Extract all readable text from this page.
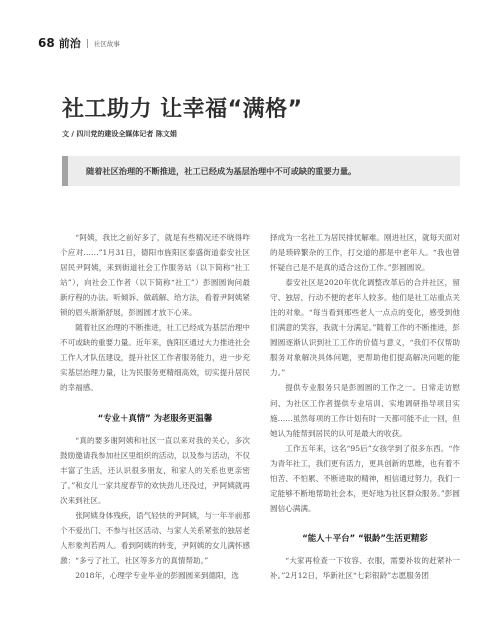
68 前治 社区故事
社工助力 让幸福“满格”
文 / 四川党的建设全媒体记者 陈文娟
随着社区治理的不断推进，社工已经成为基层治理中不可或缺的重要力量。

“阿姨，我比之前好多了，就是有些精况还不晓得咋个应对……”1月31日，德阳市旌阳区泰盛街道泰安社区居民尹阿姨，来到街道社会工作服务站（以下简称“社工站”），向社会工作者（以下简称“社工”）彭圆圆询问最新疗程的办法。听倾诉、做疏解、给方法，看着尹阿姨紧锁的眉头渐渐舒展，彭圆圆才放下心来。

随着社区治理的不断推进，社工已经成为基层治理中不可或缺的重要力量。近年来，旌阳区通过大力推进社会工作人才队伍建设，提升社区工作者服务能力，进一步充实基层治理力量，让为民服务更精细高效，切实提升居民的幸福感。

“专业＋真情” 为老服务更温馨

“真的要多谢阿姨和社区一直以来对我的关心，多次鼓励邀请我参加社区里组织的活动，以及参与活动，不仅丰富了生活，还认识很多朋友，和家人的关系也更亲密了。”和女儿一家共度春节的欢快劲儿还没过，尹阿姨就再次来到社区。

张阿姨身体残疾，语气轻快的尹阿姨，与一年半前那个不爱出门、不参与社区活动、与家人关系紧张的独居老人形象判若两人。看到阿姨的转变，尹阿姨的女儿满怀感激：“多亏了社工，社区等多方的真情帮助。”

2018年，心理学专业毕业的彭圆圆来到德阳，选

择成为一名社工为居民排忧解难。刚进社区，就每天面对的是琐碎繁杂的工作，打交道的都是中老年人。“我也曾怀疑自己是不是真的适合这份工作。”彭圆圆说。

泰安社区是2020年优化调整改革后的合并社区，留守、独居、行动不便的老年人较多。他们是社工站重点关注的对象。“每当看到那些老人一点点的变化，感受到他们满意的笑容，我就十分满足。”随着工作的不断推进，彭圆圆逐渐认识到社工工作的价值与意义，“我们不仅帮助服务对象解决具体问题，更帮助他们提高解决问题的能力。”

提供专业服务只是彭圆圆的工作之一。日常走访慰问、为社区工作者提供专业培训、实地调研指导项目实施……虽然每项的工作计划有时一天都可能不止一回，但她认为能帮到居民的认可是最大的收获。

工作五年来，这名“95后”女孩学到了很多东西。“作为青年社工，我们更有活力，更具创新的思维，也有着不怕苦、不怕累、不断进取的精神，相信通过努力，我们一定能够不断地帮助社会本，更好地为社区群众服务。”彭圆圆信心满满。

“能人＋平台” “银龄”生活更精彩

“大家再检查一下妆容、衣服，需要补妆的赶紧补一补。”2月12日，华新社区“七彩银龄”志愿服务团
